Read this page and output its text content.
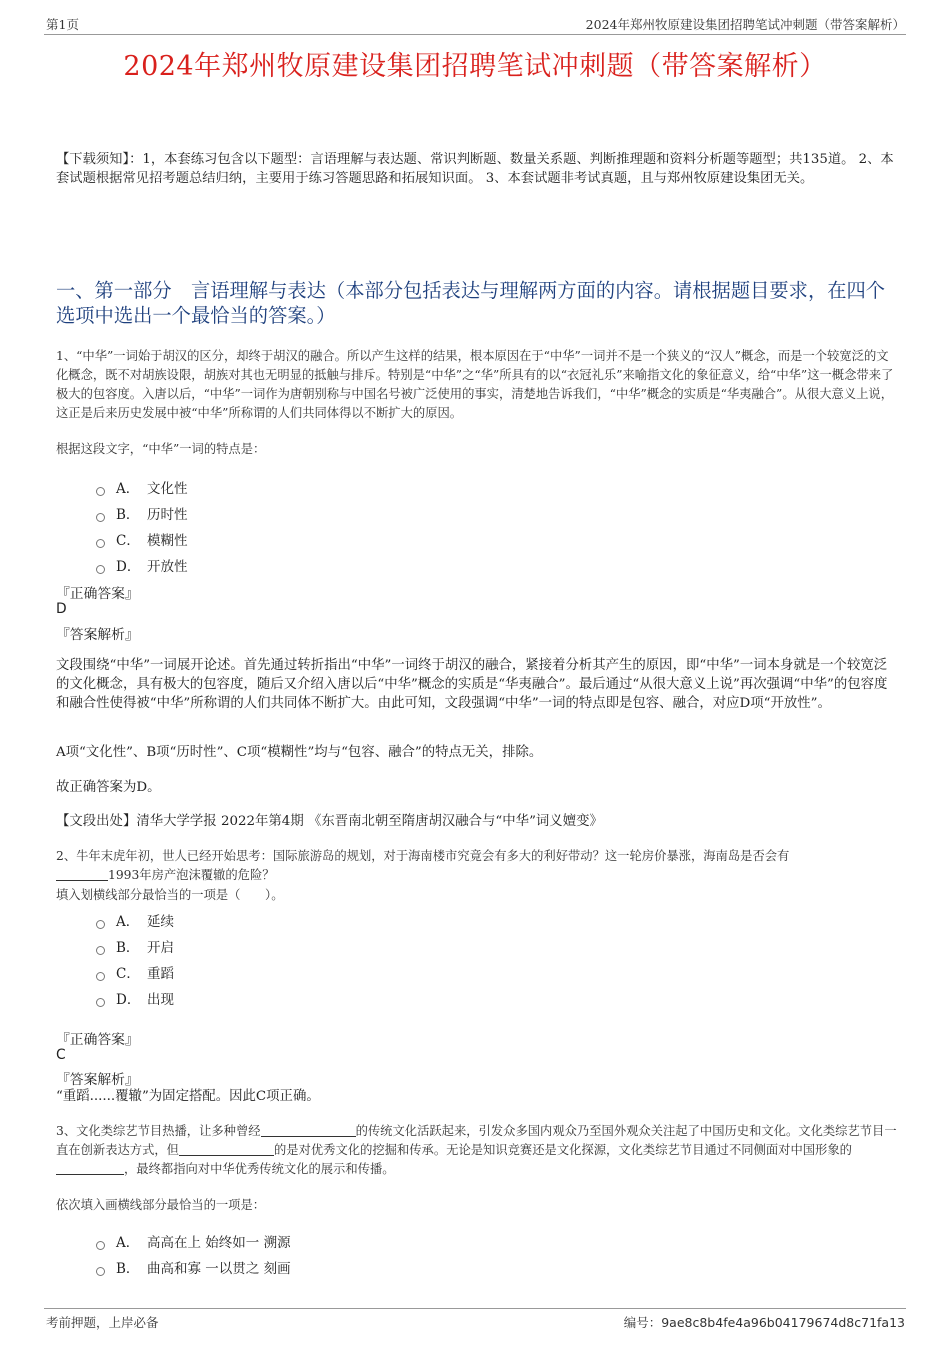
第1页	2024年郑州牧原建设集团招聘笔试冲刺题（带答案解析）
2024年郑州牧原建设集团招聘笔试冲刺题（带答案解析）
【下载须知】：1，本套练习包含以下题型：言语理解与表达题、常识判断题、数量关系题、判断推理题和资料分析题等题型；共135道。 2、本套试题根据常见招考题总结归纳，主要用于练习答题思路和拓展知识面。 3、本套试题非考试真题，且与郑州牧原建设集团无关。
一、第一部分　言语理解与表达（本部分包括表达与理解两方面的内容。请根据题目要求，在四个选项中选出一个最恰当的答案。）
1、“中华”一词始于胡汉的区分，却终于胡汉的融合。所以产生这样的结果，根本原因在于“中华”一词并不是一个狭义的“汉人”概念，而是一个较宽泛的文化概念，既不对胡族设限，胡族对其也无明显的抵触与排斥。特别是“中华”之“华”所具有的以“衣冠礼乐”来喻指文化的象征意义，给“中华”这一概念带来了极大的包容度。入唐以后，“中华”一词作为唐朝别称与中国名号被广泛使用的事实，清楚地告诉我们，“中华”概念的实质是“华夷融合”。从很大意义上说，这正是后来历史发展中被“中华”所称谓的人们共同体得以不断扩大的原因。
根据这段文字，“中华”一词的特点是：
A． 文化性
B． 历时性
C． 模糊性
D． 开放性
『正确答案』
D
『答案解析』
文段围绕“中华”一词展开论述。首先通过转折指出“中华”一词终于胡汉的融合，紧接着分析其产生的原因，即“中华”一词本身就是一个较宽泛的文化概念，具有极大的包容度，随后又介绍入唐以后“中华”概念的实质是“华夷融合”。最后通过“从很大意义上说”再次强调“中华”的包容度和融合性使得被“中华”所称谓的人们共同体不断扩大。由此可知，文段强调“中华”一词的特点即是包容、融合，对应D项“开放性”。
A项“文化性”、B项“历时性”、C项“模糊性”均与“包容、融合”的特点无关，排除。
故正确答案为D。
【文段出处】清华大学学报 2022年第4期 《东晋南北朝至隋唐胡汉融合与“中华”词义嬗变》
2、牛年末虎年初，世人已经开始思考：国际旅游岛的规划，对于海南楼市究竟会有多大的利好带动？这一轮房价暴涨，海南岛是否会有
1993年房产泡沫覆辙的危险？
填入划横线部分最恰当的一项是（　　）。
A． 延续
B． 开启
C． 重蹈
D． 出现
『正确答案』
C
『答案解析』
“重蹈......覆辙”为固定搭配。因此C项正确。
3、文化类综艺节目热播，让多种曾经	的传统文化活跃起来，引发众多国内观众乃至国外观众关注起了中国历史和文化。文化类综艺节目一直在创新表达方式，但	的是对优秀文化的挖掘和传承。无论是知识竞赛还是文化探源，文化类综艺节目通过不同侧面对中国形象的，最终都指向对中华优秀传统文化的展示和传播。
依次填入画横线部分最恰当的一项是：
A． 高高在上 始终如一 溯源
B． 曲高和寡 一以贯之 刻画
考前押题，上岸必备	编号：9ae8c8b4fe4a96b04179674d8c71fa13
